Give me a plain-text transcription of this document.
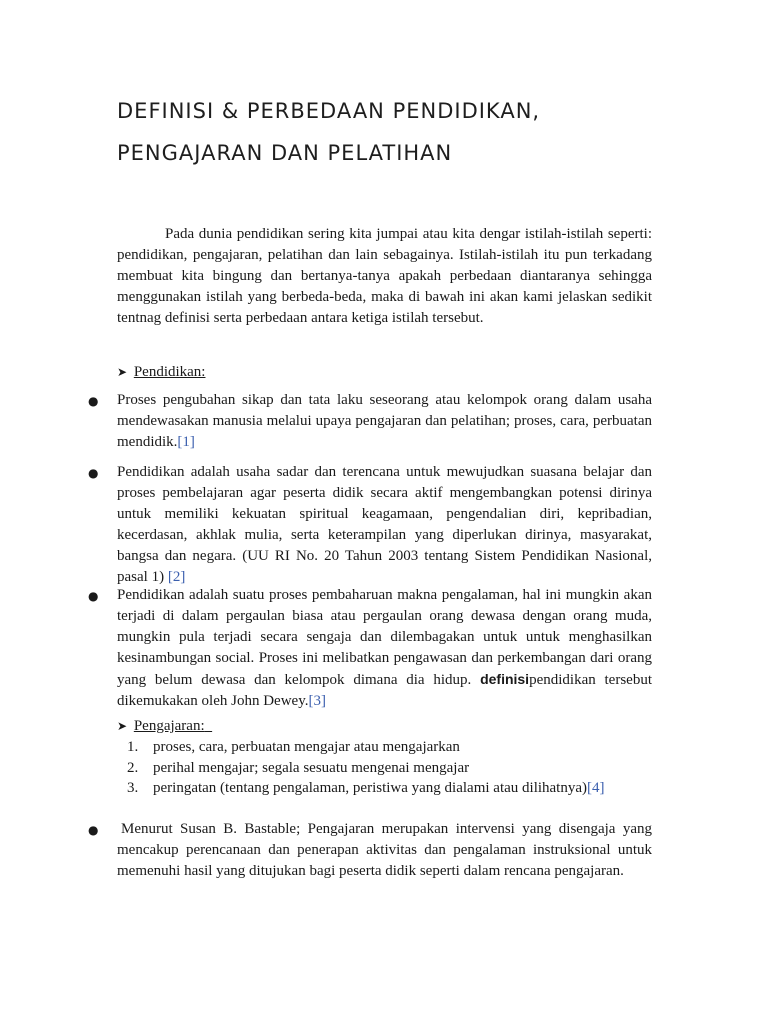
DEFINISI & PERBEDAAN PENDIDIKAN,
PENGAJARAN DAN PELATIHAN

Pada dunia pendidikan sering kita jumpai atau kita dengar istilah-istilah seperti: pendidikan, pengajaran, pelatihan dan lain sebagainya. Istilah-istilah itu pun terkadang membuat kita bingung dan bertanya-tanya apakah perbedaan diantaranya sehingga menggunakan istilah yang berbeda-beda, maka di bawah ini akan kami jelaskan sedikit tentnag definisi serta perbedaan antara ketiga istilah tersebut.

➤ Pendidikan:
● Proses pengubahan sikap dan tata laku seseorang atau kelompok orang dalam usaha mendewasakan manusia melalui upaya pengajaran dan pelatihan; proses, cara, perbuatan mendidik.[1]

● Pendidikan adalah usaha sadar dan terencana untuk mewujudkan suasana belajar dan proses pembelajaran agar peserta didik secara aktif mengembangkan potensi dirinya untuk memiliki kekuatan spiritual keagamaan, pengendalian diri, kepribadian, kecerdasan, akhlak mulia, serta keterampilan yang diperlukan dirinya, masyarakat, bangsa dan negara. (UU RI No. 20 Tahun 2003 tentang Sistem Pendidikan Nasional, pasal 1) [2]

● Pendidikan adalah suatu proses pembaharuan makna pengalaman, hal ini mungkin akan terjadi di dalam pergaulan biasa atau pergaulan orang dewasa dengan orang muda, mungkin pula terjadi secara sengaja dan dilembagakan untuk untuk menghasilkan kesinambungan social. Proses ini melibatkan pengawasan dan perkembangan dari orang yang belum dewasa dan kelompok dimana dia hidup. definisipendidikan tersebut dikemukakan oleh John Dewey.[3]

➤ Pengajaran:
1. proses, cara, perbuatan mengajar atau mengajarkan
2. perihal mengajar; segala sesuatu mengenai mengajar
3. peringatan (tentang pengalaman, peristiwa yang dialami atau dilihatnya)[4]
● Menurut Susan B. Bastable; Pengajaran merupakan intervensi yang disengaja yang mencakup perencanaan dan penerapan aktivitas dan pengalaman instruksional untuk memenuhi hasil yang ditujukan bagi peserta didik seperti dalam rencana pengajaran.
